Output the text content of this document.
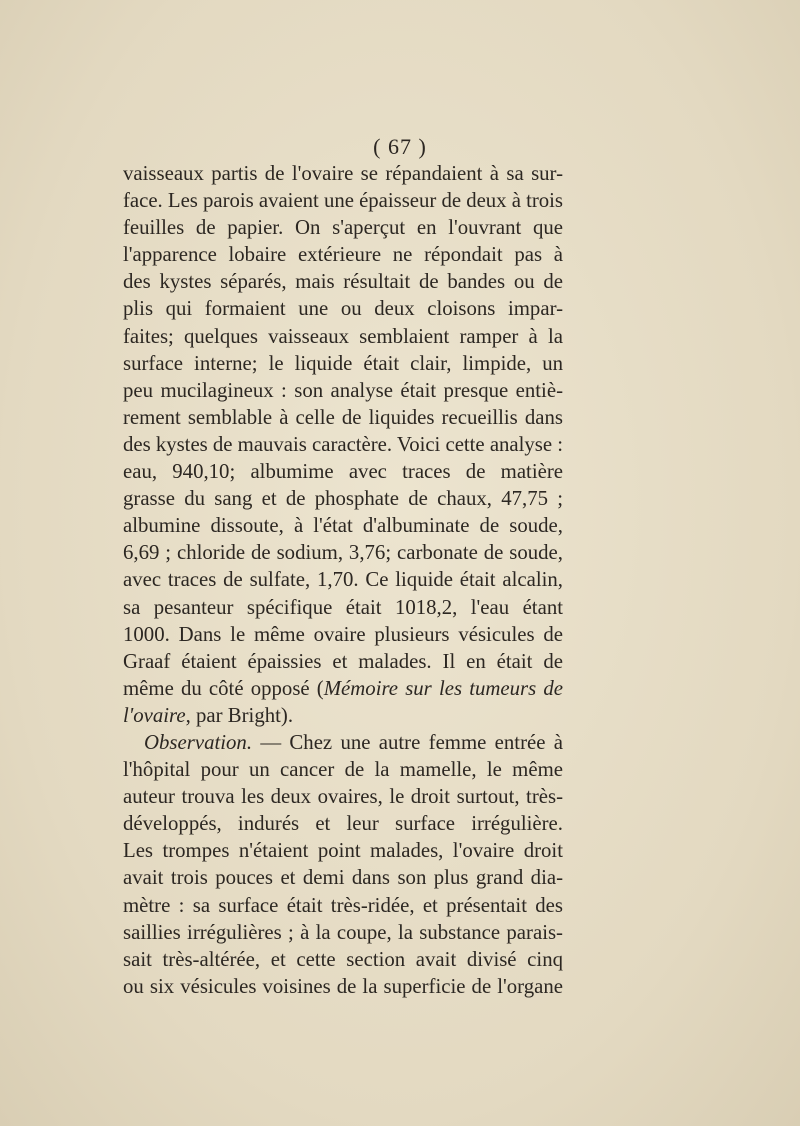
( 67 )
vaisseaux partis de l'ovaire se répandaient à sa sur-
face. Les parois avaient une épaisseur de deux à trois
feuilles de papier. On s'aperçut en l'ouvrant que
l'apparence lobaire extérieure ne répondait pas à
des kystes séparés, mais résultait de bandes ou de
plis qui formaient une ou deux cloisons impar-
faites; quelques vaisseaux semblaient ramper à la
surface interne; le liquide était clair, limpide, un
peu mucilagineux : son analyse était presque entiè-
rement semblable à celle de liquides recueillis dans
des kystes de mauvais caractère. Voici cette analyse :
eau, 940,10; albumime avec traces de matière
grasse du sang et de phosphate de chaux, 47,75 ;
albumine dissoute, à l'état d'albuminate de soude,
6,69 ; chloride de sodium, 3,76; carbonate de soude,
avec traces de sulfate, 1,70. Ce liquide était alcalin,
sa pesanteur spécifique était 1018,2, l'eau étant
1000. Dans le même ovaire plusieurs vésicules de
Graaf étaient épaissies et malades. Il en était de
même du côté opposé (Mémoire sur les tumeurs de
l'ovaire, par Bright).
Observation. — Chez une autre femme entrée à
l'hôpital pour un cancer de la mamelle, le même
auteur trouva les deux ovaires, le droit surtout, très-
développés, indurés et leur surface irrégulière.
Les trompes n'étaient point malades, l'ovaire droit
avait trois pouces et demi dans son plus grand dia-
mètre : sa surface était très-ridée, et présentait des
saillies irrégulières ; à la coupe, la substance parais-
sait très-altérée, et cette section avait divisé cinq
ou six vésicules voisines de la superficie de l'organe
